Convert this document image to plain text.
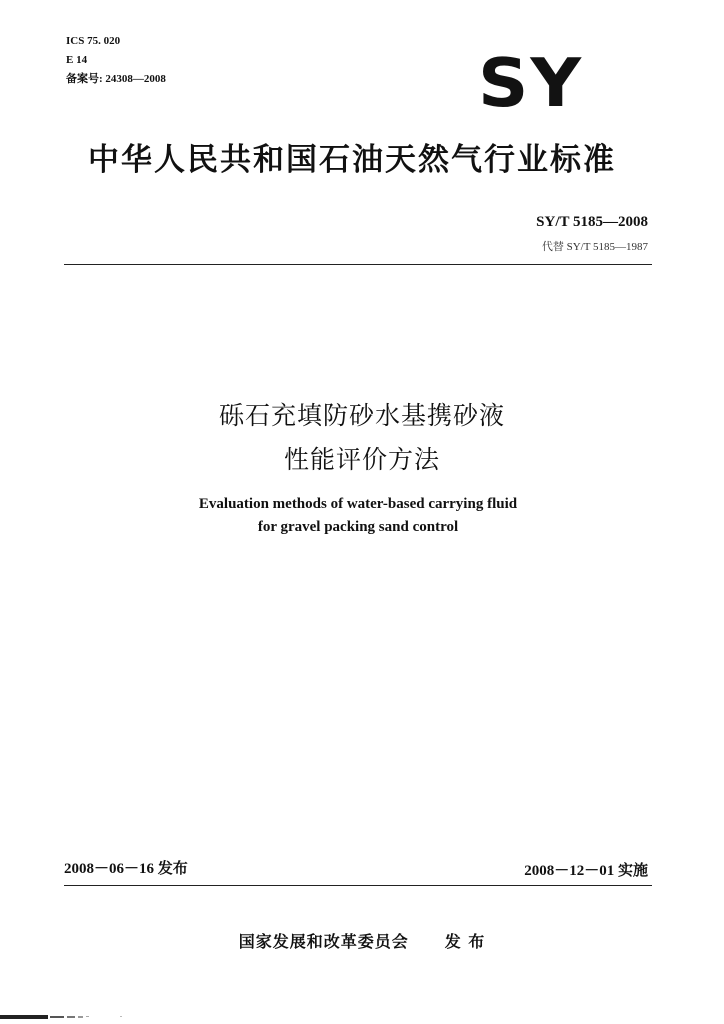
ICS 75. 020
E 14
备案号: 24308—2008	SY
中华人民共和国石油天然气行业标准
SY/T 5185—2008
代替 SY/T 5185—1987
砾石充填防砂水基携砂液
性能评价方法
Evaluation methods of water-based carrying fluid
for gravel packing sand control
2008－06－16 发布	2008－12－01 实施
国家发展和改革委员会 发 布
